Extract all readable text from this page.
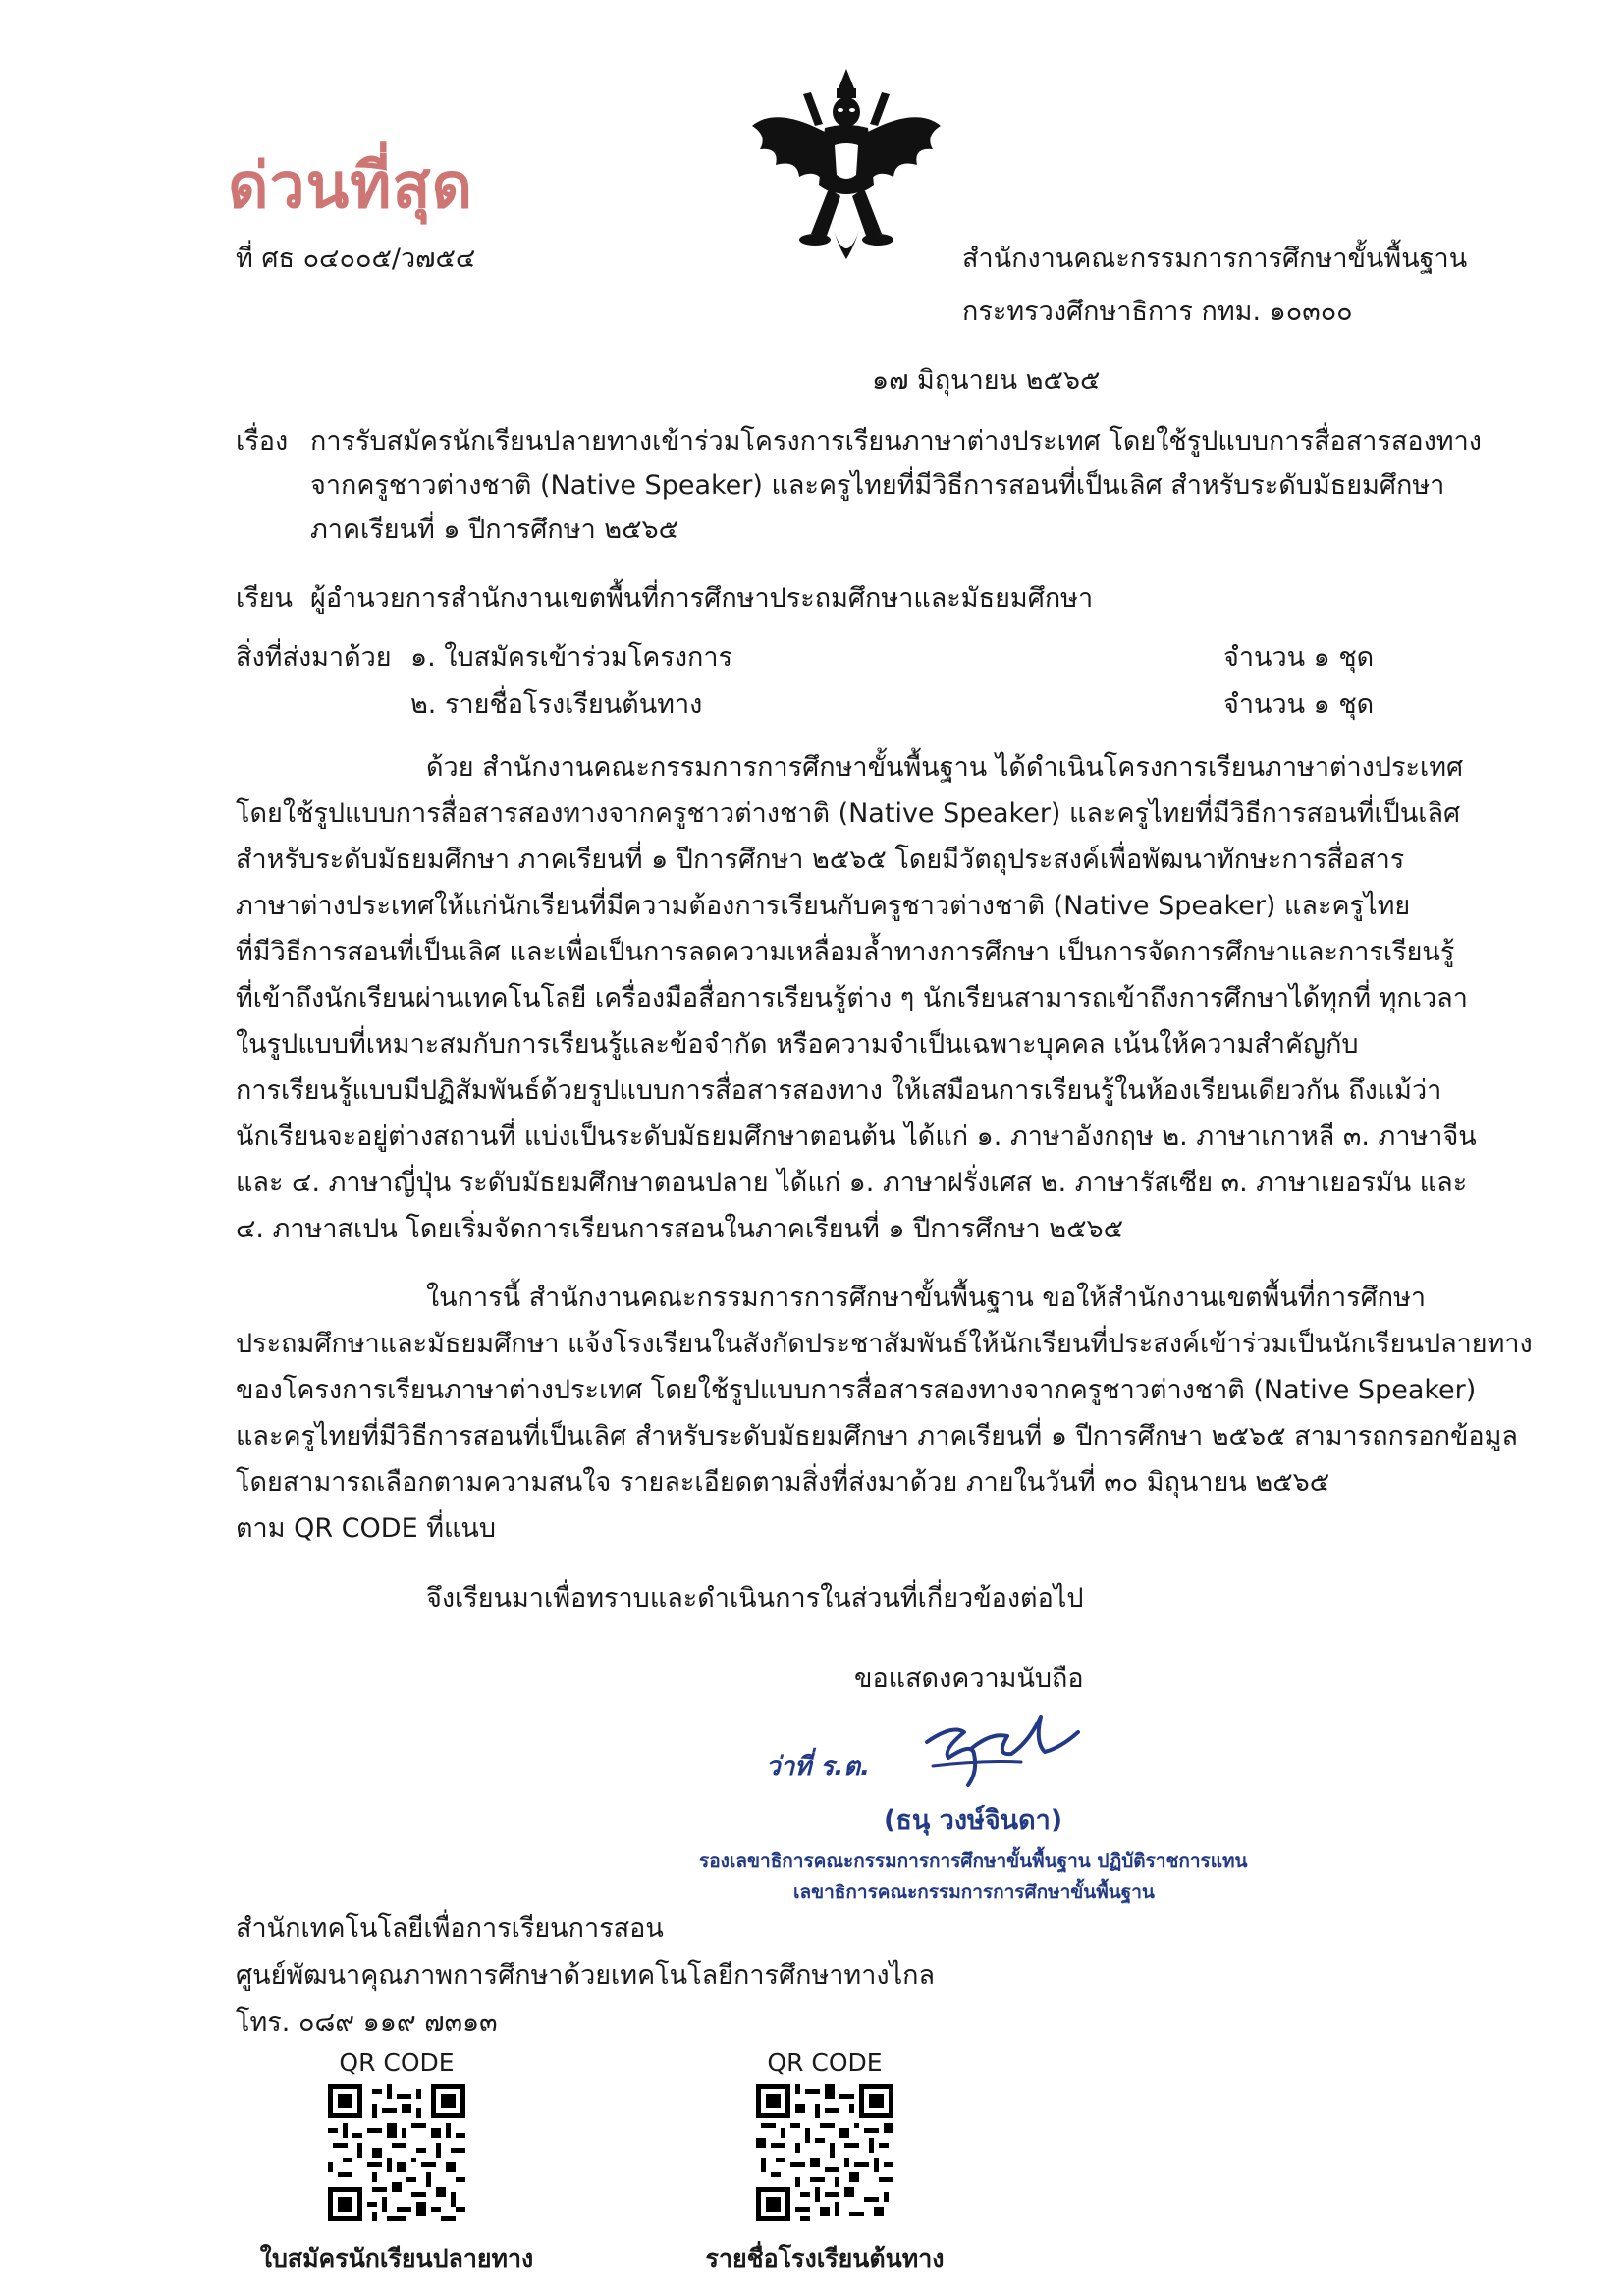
ด่วนที่สุด
ที่ ศธ ๐๔๐๐๕/ว๗๕๔	สำนักงานคณะกรรมการการศึกษาขั้นพื้นฐาน
กระทรวงศึกษาธิการ กทม. ๑๐๓๐๐
๑๗ มิถุนายน ๒๕๖๕
เรื่อง การรับสมัครนักเรียนปลายทางเข้าร่วมโครงการเรียนภาษาต่างประเทศ โดยใช้รูปแบบการสื่อสารสองทาง
จากครูชาวต่างชาติ (Native Speaker) และครูไทยที่มีวิธีการสอนที่เป็นเลิศ สำหรับระดับมัธยมศึกษา
ภาคเรียนที่ ๑ ปีการศึกษา ๒๕๖๕
เรียน ผู้อำนวยการสำนักงานเขตพื้นที่การศึกษาประถมศึกษาและมัธยมศึกษา
สิ่งที่ส่งมาด้วย ๑. ใบสมัครเข้าร่วมโครงการ	จำนวน ๑ ชุด
๒. รายชื่อโรงเรียนต้นทาง	จำนวน ๑ ชุด
ด้วย สำนักงานคณะกรรมการการศึกษาขั้นพื้นฐาน ได้ดำเนินโครงการเรียนภาษาต่างประเทศ
โดยใช้รูปแบบการสื่อสารสองทางจากครูชาวต่างชาติ (Native Speaker) และครูไทยที่มีวิธีการสอนที่เป็นเลิศ
สำหรับระดับมัธยมศึกษา ภาคเรียนที่ ๑ ปีการศึกษา ๒๕๖๕ โดยมีวัตถุประสงค์เพื่อพัฒนาทักษะการสื่อสาร
ภาษาต่างประเทศให้แก่นักเรียนที่มีความต้องการเรียนกับครูชาวต่างชาติ (Native Speaker) และครูไทย
ที่มีวิธีการสอนที่เป็นเลิศ และเพื่อเป็นการลดความเหลื่อมล้ำทางการศึกษา เป็นการจัดการศึกษาและการเรียนรู้
ที่เข้าถึงนักเรียนผ่านเทคโนโลยี เครื่องมือสื่อการเรียนรู้ต่าง ๆ นักเรียนสามารถเข้าถึงการศึกษาได้ทุกที่ ทุกเวลา
ในรูปแบบที่เหมาะสมกับการเรียนรู้และข้อจำกัด หรือความจำเป็นเฉพาะบุคคล เน้นให้ความสำคัญกับ
การเรียนรู้แบบมีปฏิสัมพันธ์ด้วยรูปแบบการสื่อสารสองทาง ให้เสมือนการเรียนรู้ในห้องเรียนเดียวกัน ถึงแม้ว่า
นักเรียนจะอยู่ต่างสถานที่ แบ่งเป็นระดับมัธยมศึกษาตอนต้น ได้แก่ ๑. ภาษาอังกฤษ ๒. ภาษาเกาหลี ๓. ภาษาจีน
และ ๔. ภาษาญี่ปุ่น ระดับมัธยมศึกษาตอนปลาย ได้แก่ ๑. ภาษาฝรั่งเศส ๒. ภาษารัสเซีย ๓. ภาษาเยอรมัน และ
๔. ภาษาสเปน โดยเริ่มจัดการเรียนการสอนในภาคเรียนที่ ๑ ปีการศึกษา ๒๕๖๕
ในการนี้ สำนักงานคณะกรรมการการศึกษาขั้นพื้นฐาน ขอให้สำนักงานเขตพื้นที่การศึกษา
ประถมศึกษาและมัธยมศึกษา แจ้งโรงเรียนในสังกัดประชาสัมพันธ์ให้นักเรียนที่ประสงค์เข้าร่วมเป็นนักเรียนปลายทาง
ของโครงการเรียนภาษาต่างประเทศ โดยใช้รูปแบบการสื่อสารสองทางจากครูชาวต่างชาติ (Native Speaker)
และครูไทยที่มีวิธีการสอนที่เป็นเลิศ สำหรับระดับมัธยมศึกษา ภาคเรียนที่ ๑ ปีการศึกษา ๒๕๖๕ สามารถกรอกข้อมูล
โดยสามารถเลือกตามความสนใจ รายละเอียดตามสิ่งที่ส่งมาด้วย ภายในวันที่ ๓๐ มิถุนายน ๒๕๖๕
ตาม QR CODE ที่แนบ
จึงเรียนมาเพื่อทราบและดำเนินการในส่วนที่เกี่ยวข้องต่อไป
ขอแสดงความนับถือ
ว่าที่ ร.ต.
(ธนุ วงษ์จินดา)
รองเลขาธิการคณะกรรมการการศึกษาขั้นพื้นฐาน ปฏิบัติราชการแทน
เลขาธิการคณะกรรมการการศึกษาขั้นพื้นฐาน
สำนักเทคโนโลยีเพื่อการเรียนการสอน
ศูนย์พัฒนาคุณภาพการศึกษาด้วยเทคโนโลยีการศึกษาทางไกล
โทร. ๐๘๙ ๑๑๙ ๗๓๑๓
QR CODE
ใบสมัครนักเรียนปลายทาง
QR CODE
รายชื่อโรงเรียนต้นทาง
